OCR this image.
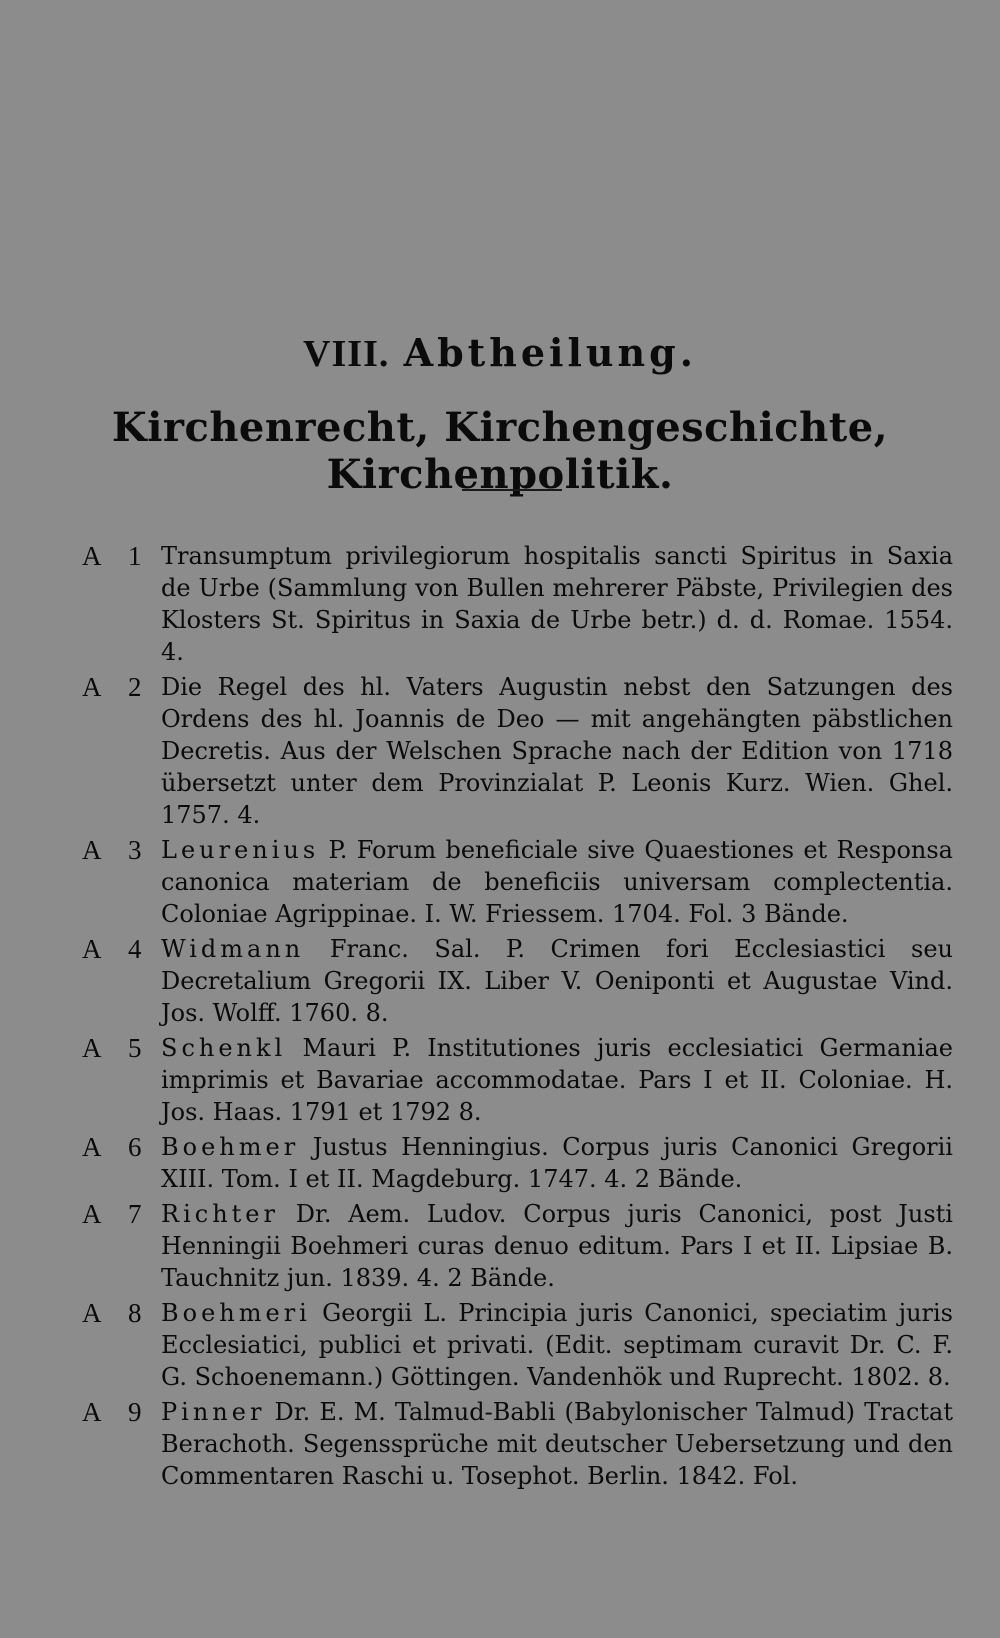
VIII. Abtheilung.
Kirchenrecht, Kirchengeschichte, Kirchenpolitik.
A 1 Transumptum privilegiorum hospitalis sancti Spiritus in Saxia de Urbe (Sammlung von Bullen mehrerer Päbste, Privilegien des Klosters St. Spiritus in Saxia de Urbe betr.) d. d. Romae. 1554. 4.
A 2 Die Regel des hl. Vaters Augustin nebst den Satzungen des Ordens des hl. Joannis de Deo — mit angehängten päbstlichen Decretis. Aus der Welschen Sprache nach der Edition von 1718 übersetzt unter dem Provinzialat P. Leonis Kurz. Wien. Ghel. 1757. 4.
A 3 Leurenius P. Forum beneficiale sive Quaestiones et Responsa canonica materiam de beneficiis universam complectentia. Coloniae Agrippinae. I. W. Friessem. 1704. Fol. 3 Bände.
A 4 Widmann Franc. Sal. P. Crimen fori Ecclesiastici seu Decretalium Gregorii IX. Liber V. Oeniponti et Augustae Vind. Jos. Wolff. 1760. 8.
A 5 Schenkl Mauri P. Institutiones juris ecclesiatici Germaniae imprimis et Bavariae accommodatae. Pars I et II. Coloniae. H. Jos. Haas. 1791 et 1792 8.
A 6 Boehmer Justus Henningius. Corpus juris Canonici Gregorii XIII. Tom. I et II. Magdeburg. 1747. 4. 2 Bände.
A 7 Richter Dr. Aem. Ludov. Corpus juris Canonici, post Justi Henningii Boehmeri curas denuo editum. Pars I et II. Lipsiae B. Tauchnitz jun. 1839. 4. 2 Bände.
A 8 Boehmeri Georgii L. Principia juris Canonici, speciatim juris Ecclesiatici, publici et privati. (Edit. septimam curavit Dr. C. F. G. Schoenemann.) Göttingen. Vandenhök und Ruprecht. 1802. 8.
A 9 Pinner Dr. E. M. Talmud-Babli (Babylonischer Talmud) Tractat Berachoth. Segenssprüche mit deutscher Uebersetzung und den Commentaren Raschi u. Tosephot. Berlin. 1842. Fol.
